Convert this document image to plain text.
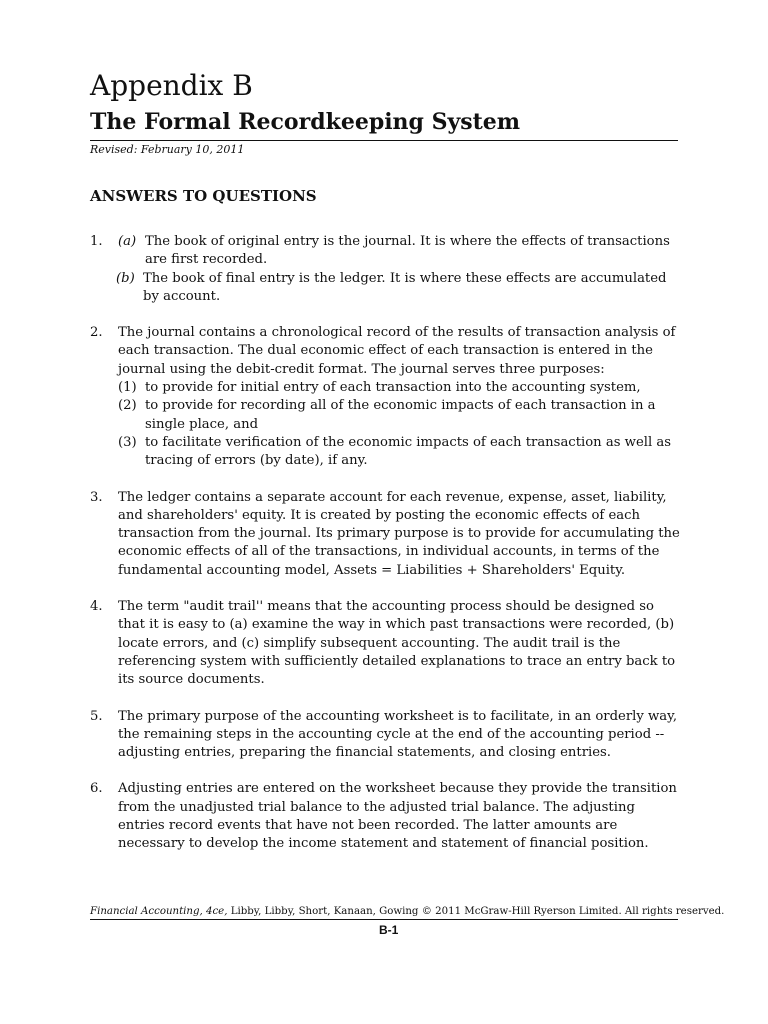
Appendix B
The Formal Recordkeeping System
Revised: February 10, 2011
ANSWERS TO QUESTIONS
1. (a) The book of original entry is the journal. It is where the effects of transactions are first recorded.
(b) The book of final entry is the ledger. It is where these effects are accumulated by account.
2. The journal contains a chronological record of the results of transaction analysis of each transaction. The dual economic effect of each transaction is entered in the journal using the debit-credit format. The journal serves three purposes:
(1) to provide for initial entry of each transaction into the accounting system,
(2) to provide for recording all of the economic impacts of each transaction in a single place, and
(3) to facilitate verification of the economic impacts of each transaction as well as tracing of errors (by date), if any.
3. The ledger contains a separate account for each revenue, expense, asset, liability, and shareholders' equity. It is created by posting the economic effects of each transaction from the journal. Its primary purpose is to provide for accumulating the economic effects of all of the transactions, in individual accounts, in terms of the fundamental accounting model, Assets = Liabilities + Shareholders' Equity.
4. The term "audit trail'' means that the accounting process should be designed so that it is easy to (a) examine the way in which past transactions were recorded, (b) locate errors, and (c) simplify subsequent accounting. The audit trail is the referencing system with sufficiently detailed explanations to trace an entry back to its source documents.
5. The primary purpose of the accounting worksheet is to facilitate, in an orderly way, the remaining steps in the accounting cycle at the end of the accounting period -- adjusting entries, preparing the financial statements, and closing entries.
6. Adjusting entries are entered on the worksheet because they provide the transition from the unadjusted trial balance to the adjusted trial balance. The adjusting entries record events that have not been recorded. The latter amounts are necessary to develop the income statement and statement of financial position.
Financial Accounting, 4ce, Libby, Libby, Short, Kanaan, Gowing © 2011 McGraw-Hill Ryerson Limited. All rights reserved.
B-1
